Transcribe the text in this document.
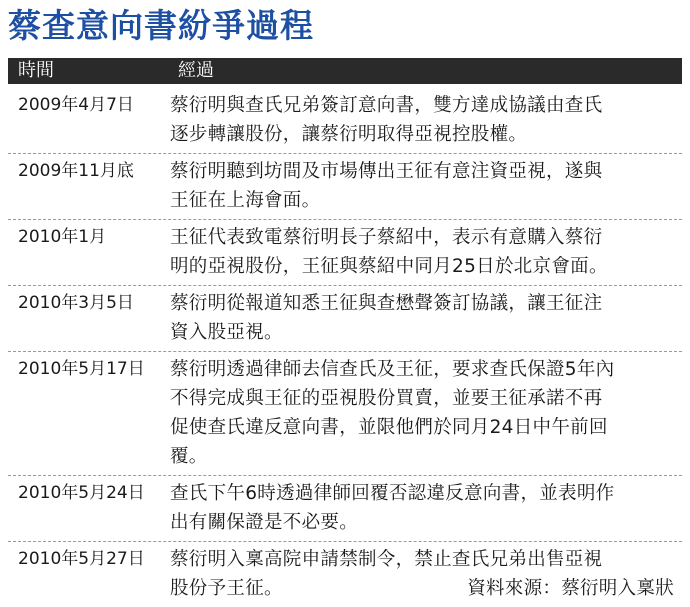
蔡查意向書紛爭過程
時間	經過
2009年4月7日	蔡衍明與查氏兄弟簽訂意向書，雙方達成協議由查氏
逐步轉讓股份，讓蔡衍明取得亞視控股權。
2009年11月底	蔡衍明聽到坊間及市場傳出王征有意注資亞視，遂與
王征在上海會面。
2010年1月	王征代表致電蔡衍明長子蔡紹中，表示有意購入蔡衍
明的亞視股份，王征與蔡紹中同月25日於北京會面。
2010年3月5日	蔡衍明從報道知悉王征與查懋聲簽訂協議，讓王征注
資入股亞視。
2010年5月17日	蔡衍明透過律師去信查氏及王征，要求查氏保證5年內
不得完成與王征的亞視股份買賣，並要王征承諾不再
促使查氏違反意向書，並限他們於同月24日中午前回
覆。
2010年5月24日	查氏下午6時透過律師回覆否認違反意向書，並表明作
出有關保證是不必要。
2010年5月27日	蔡衍明入稟高院申請禁制令，禁止查氏兄弟出售亞視
股份予王征。	資料來源：蔡衍明入稟狀
